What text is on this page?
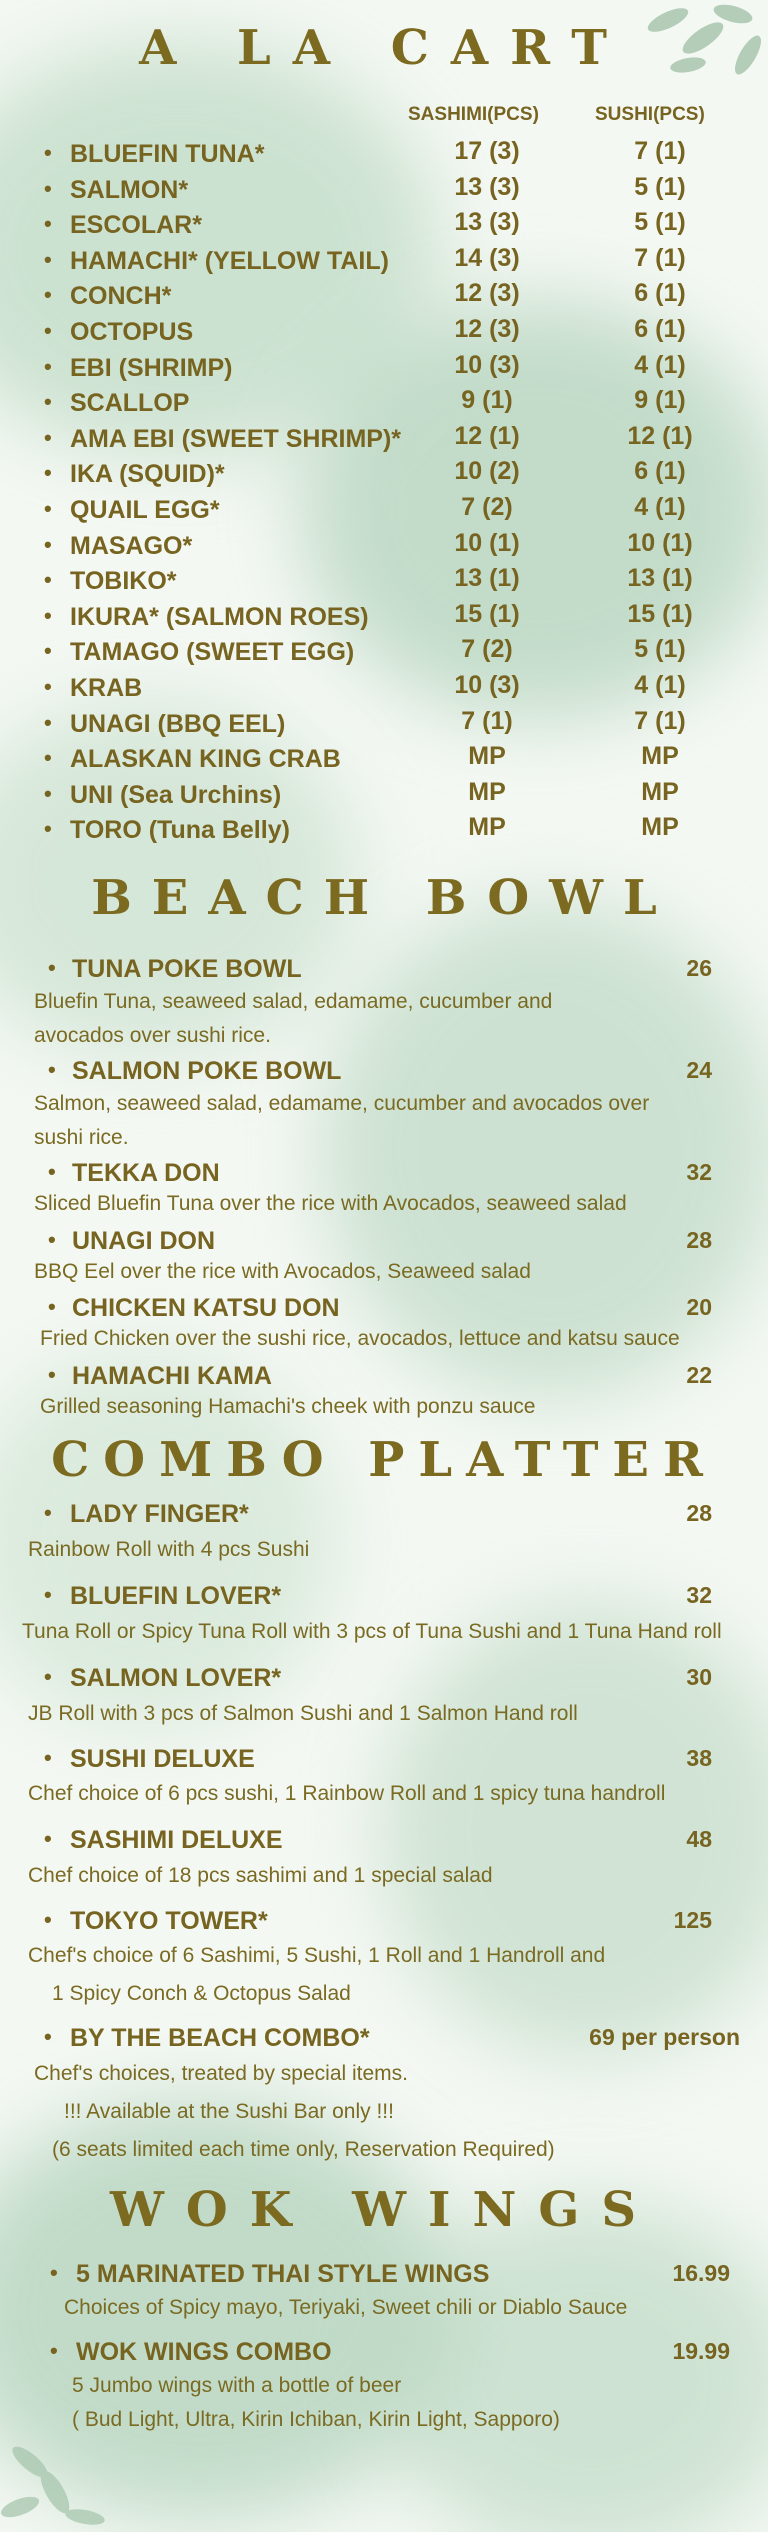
A LA CART
SASHIMI(PCS)	SUSHI(PCS)
• BLUEFIN TUNA*	17 (3)	7 (1)
• SALMON*	13 (3)	5 (1)
• ESCOLAR*	13 (3)	5 (1)
• HAMACHI* (YELLOW TAIL)	14 (3)	7 (1)
• CONCH*	12 (3)	6 (1)
• OCTOPUS	12 (3)	6 (1)
• EBI (SHRIMP)	10 (3)	4 (1)
• SCALLOP	9 (1)	9 (1)
• AMA EBI (SWEET SHRIMP)*	12 (1)	12 (1)
• IKA (SQUID)*	10 (2)	6 (1)
• QUAIL EGG*	7 (2)	4 (1)
• MASAGO*	10 (1)	10 (1)
• TOBIKO*	13 (1)	13 (1)
• IKURA* (SALMON ROES)	15 (1)	15 (1)
• TAMAGO (SWEET EGG)	7 (2)	5 (1)
• KRAB	10 (3)	4 (1)
• UNAGI (BBQ EEL)	7 (1)	7 (1)
• ALASKAN KING CRAB	MP	MP
• UNI (Sea Urchins)	MP	MP
• TORO (Tuna Belly)	MP	MP
BEACH BOWL
• TUNA POKE BOWL	26
Bluefin Tuna, seaweed salad, edamame, cucumber and
avocados over sushi rice.
• SALMON POKE BOWL	24
Salmon, seaweed salad, edamame, cucumber and avocados over
sushi rice.
• TEKKA DON	32
Sliced Bluefin Tuna over the rice with Avocados, seaweed salad
• UNAGI DON	28
BBQ Eel over the rice with Avocados, Seaweed salad
• CHICKEN KATSU DON	20
Fried Chicken over the sushi rice, avocados, lettuce and katsu sauce
• HAMACHI KAMA	22
Grilled seasoning Hamachi's cheek with ponzu sauce
COMBO PLATTER
• LADY FINGER*	28
Rainbow Roll with 4 pcs Sushi
• BLUEFIN LOVER*	32
Tuna Roll or Spicy Tuna Roll with 3 pcs of Tuna Sushi and 1 Tuna Hand roll
• SALMON LOVER*	30
JB Roll with 3 pcs of Salmon Sushi and 1 Salmon Hand roll
• SUSHI DELUXE	38
Chef choice of 6 pcs sushi, 1 Rainbow Roll and 1 spicy tuna handroll
• SASHIMI DELUXE	48
Chef choice of 18 pcs sashimi and 1 special salad
• TOKYO TOWER*	125
Chef's choice of 6 Sashimi, 5 Sushi, 1 Roll and 1 Handroll and
1 Spicy Conch & Octopus Salad
• BY THE BEACH COMBO*	69 per person
Chef's choices, treated by special items.
!!! Available at the Sushi Bar only !!!
(6 seats limited each time only, Reservation Required)
WOK WINGS
• 5 MARINATED THAI STYLE WINGS	16.99
Choices of Spicy mayo, Teriyaki, Sweet chili or Diablo Sauce
• WOK WINGS COMBO	19.99
5 Jumbo wings with a bottle of beer
( Bud Light, Ultra, Kirin Ichiban, Kirin Light, Sapporo)
